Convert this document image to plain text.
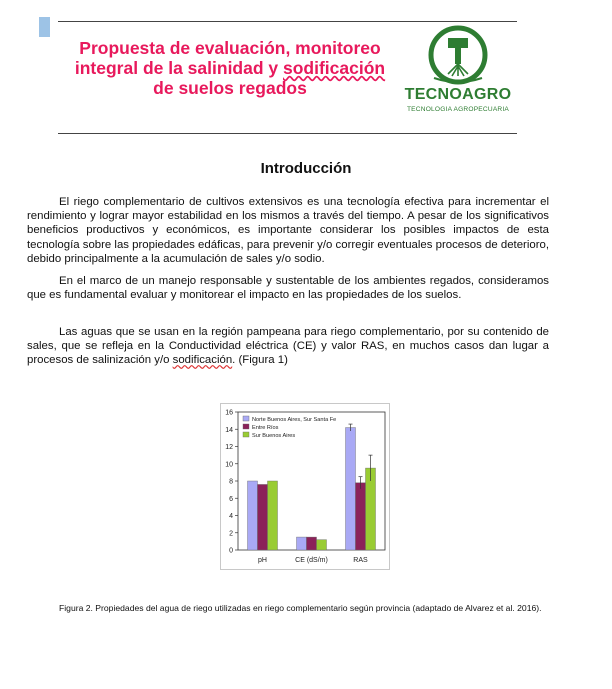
Propuesta de evaluación, monitoreo
integral de la salinidad y sodificación
de suelos regados	TECNOAGRO
TECNOLOGIA AGROPECUARIA
Introducción

El riego complementario de cultivos extensivos es una tecnología efectiva para incrementar el rendimiento y lograr mayor estabilidad en los mismos a través del tiempo. A pesar de los significativos beneficios productivos y económicos, es importante considerar los posibles impactos de esta tecnología sobre las propiedades edáficas, para prevenir y/o corregir eventuales procesos de deterioro, debido principalmente a la acumulación de sales y/o sodio.

En el marco de un manejo responsable y sustentable de los ambientes regados, consideramos que es fundamental evaluar y monitorear el impacto en las propiedades de los suelos.

Las aguas que se usan en la región pampeana para riego complementario, por su contenido de sales, que se refleja en la Conductividad eléctrica (CE) y valor RAS, en muchos casos dan lugar a procesos de salinización y/o sodificación. (Figura 1)

0
2
4
6
8
10
12
14
16
pH	CE (dS/m)	RAS
Norte Buenos Aires, Sur Santa Fe
Entre Ríos
Sur Buenos Aires

Figura 2. Propiedades del agua de riego utilizadas en riego complementario según provincia (adaptado de Alvarez et al. 2016).
